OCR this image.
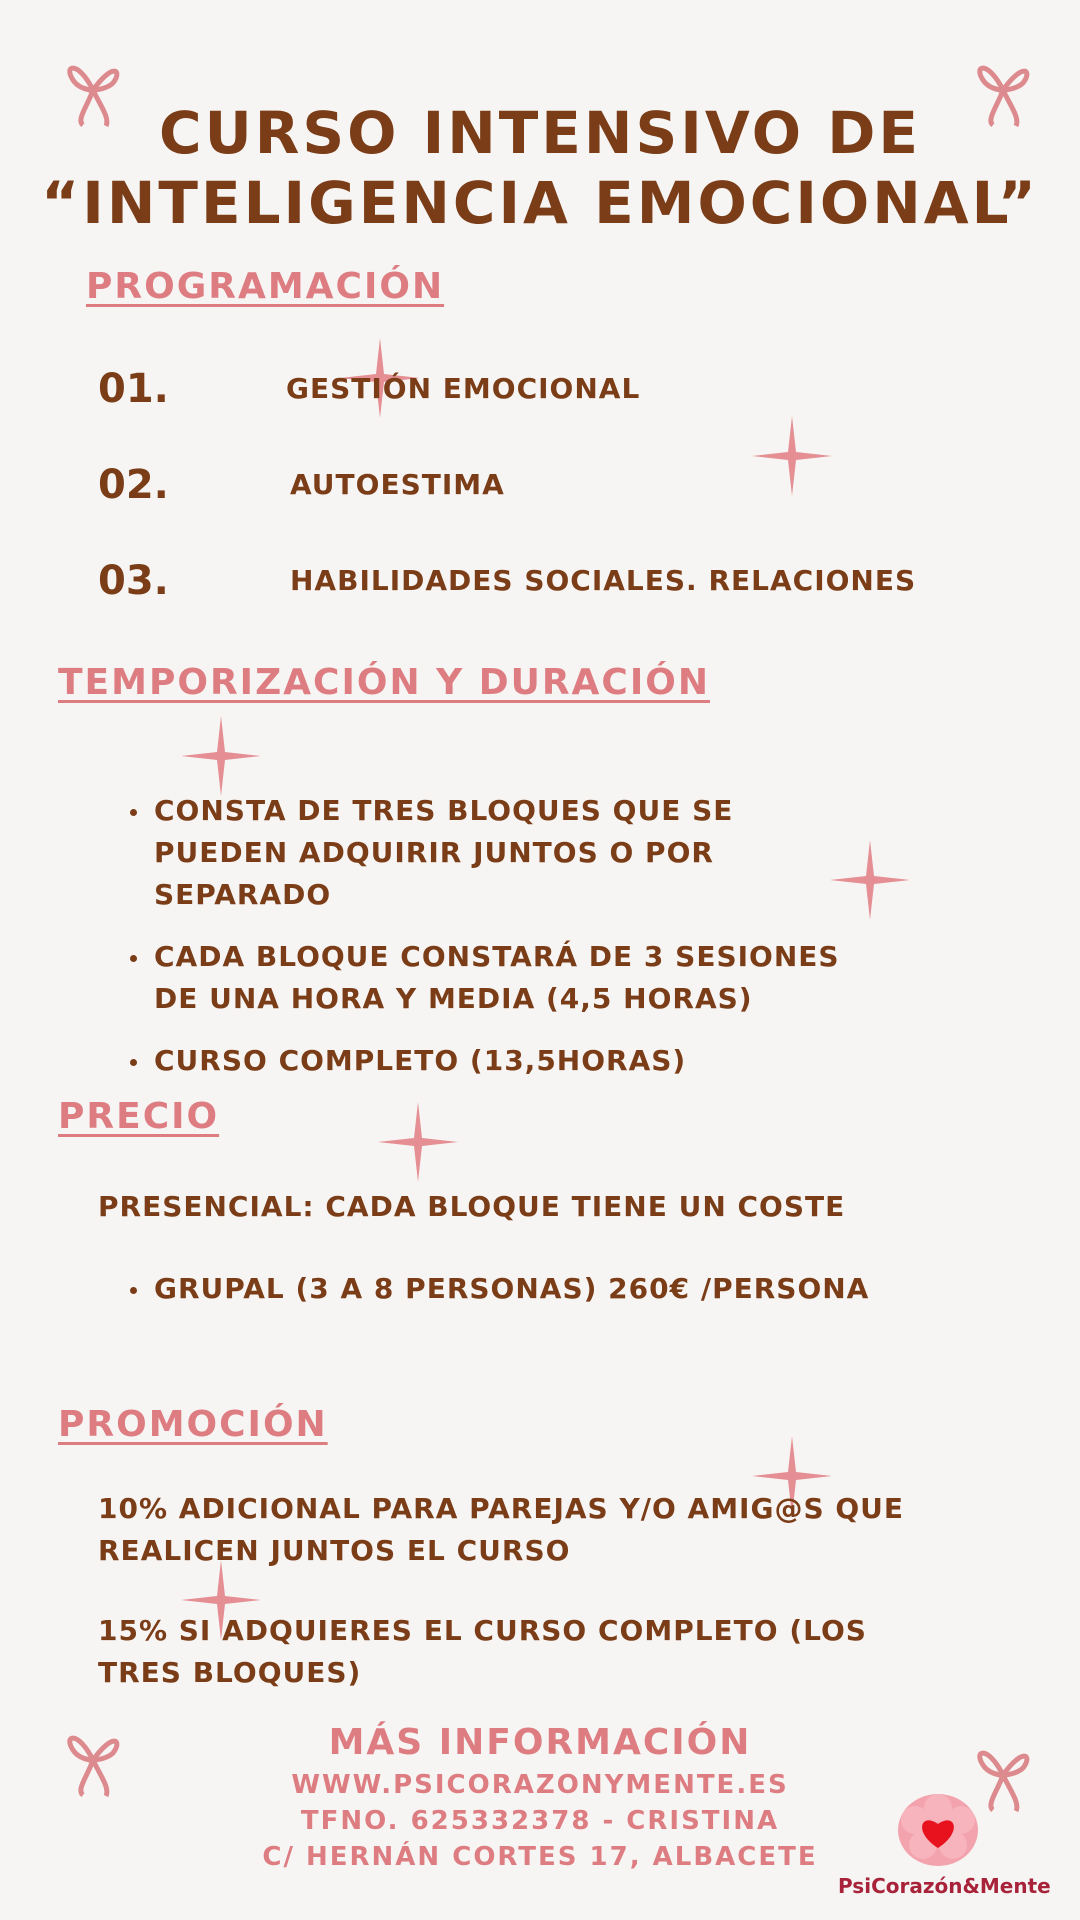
CURSO INTENSIVO DE
“INTELIGENCIA EMOCIONAL”
PROGRAMACIÓN
01.	GESTIÓN EMOCIONAL
02.	AUTOESTIMA
03.	HABILIDADES SOCIALES. RELACIONES
TEMPORIZACIÓN Y DURACIÓN
CONSTA DE TRES BLOQUES QUE SE PUEDEN ADQUIRIR JUNTOS O POR SEPARADO
CADA BLOQUE CONSTARÁ DE 3 SESIONES DE UNA HORA Y MEDIA (4,5 HORAS)
CURSO COMPLETO (13,5HORAS)
PRECIO
PRESENCIAL: CADA BLOQUE TIENE UN COSTE
GRUPAL (3 A 8 PERSONAS) 260€ /PERSONA
PROMOCIÓN
10% ADICIONAL PARA PAREJAS Y/O AMIG@S QUE REALICEN JUNTOS EL CURSO
15% SI ADQUIERES EL CURSO COMPLETO (LOS TRES BLOQUES)
MÁS INFORMACIÓN
WWW.PSICORAZONYMENTE.ES
TFNO. 625332378 - CRISTINA
C/ HERNÁN CORTES 17, ALBACETE
PsiCorazón&Mente
